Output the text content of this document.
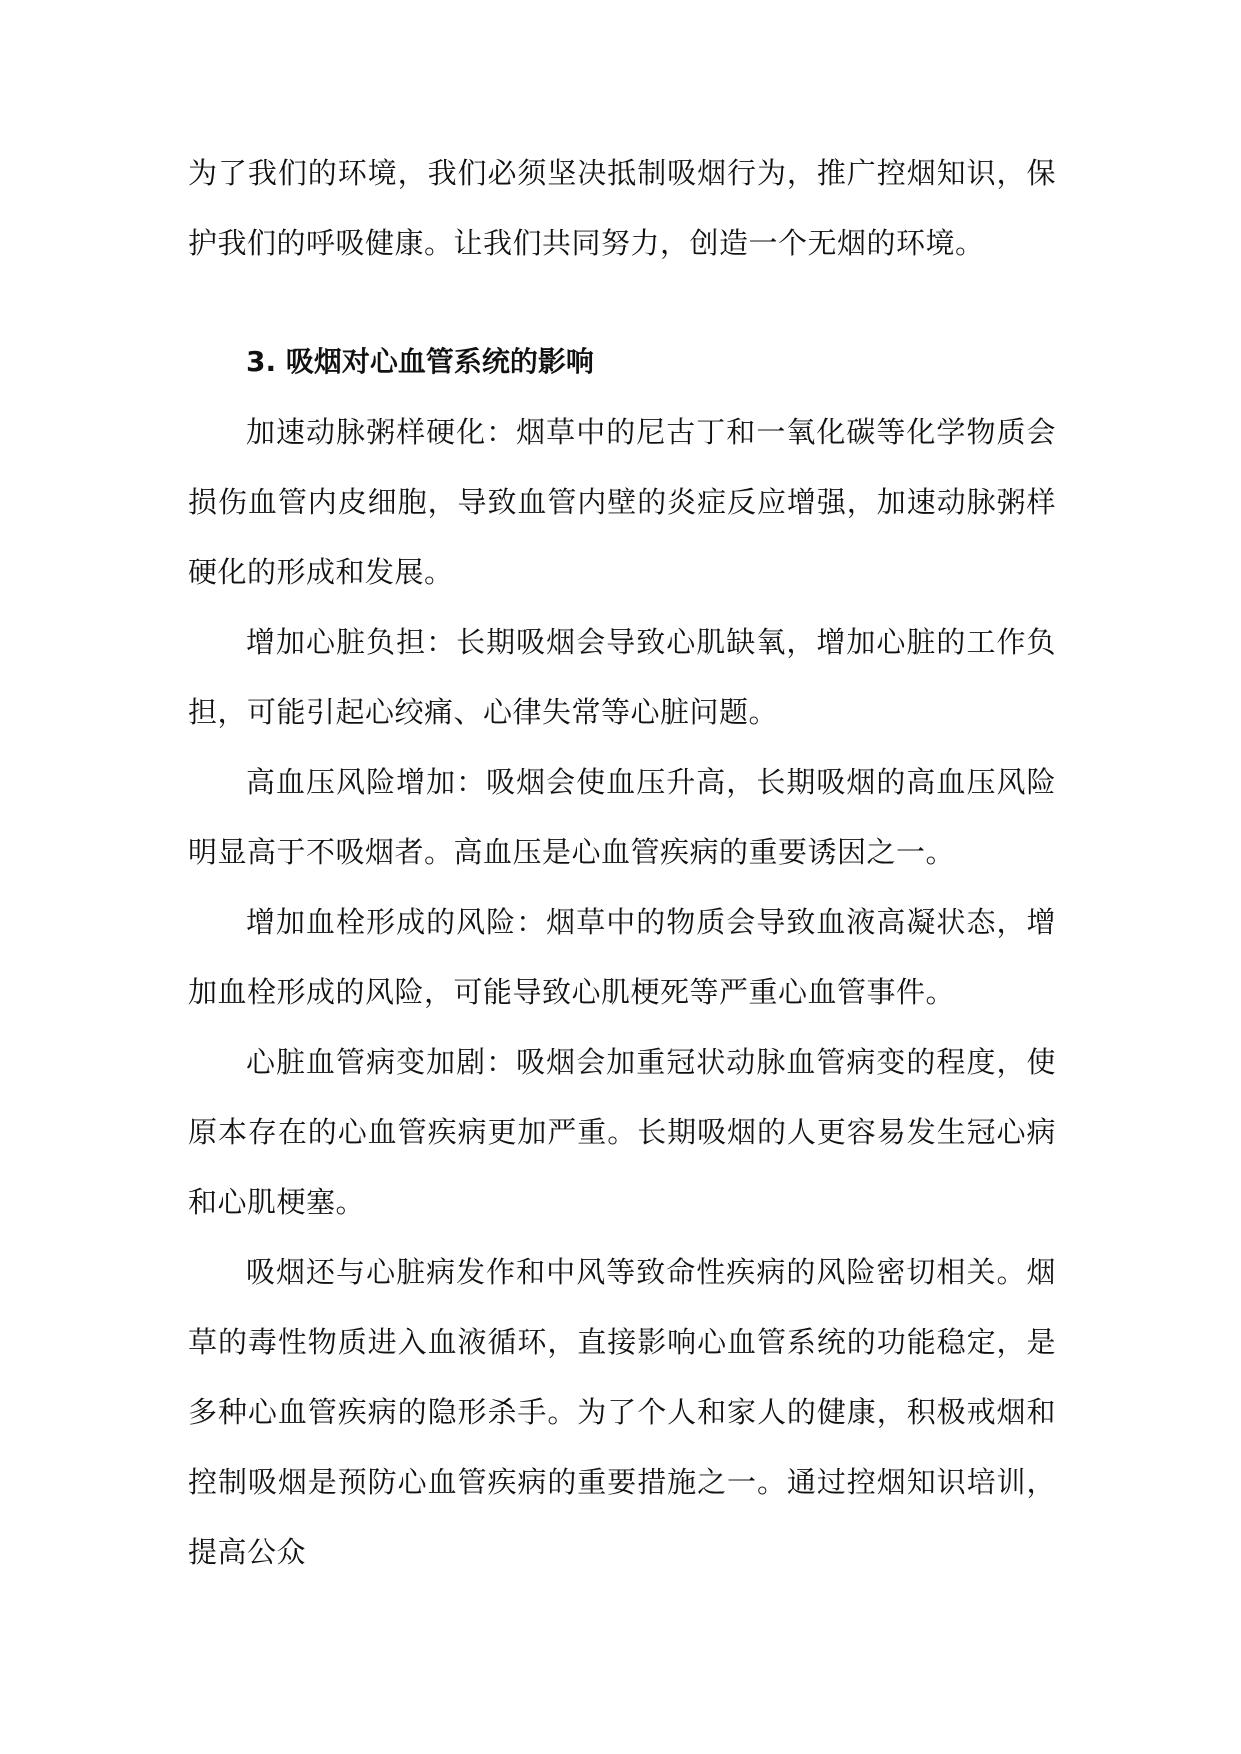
为了我们的环境，我们必须坚决抵制吸烟行为，推广控烟知识，保护我们的呼吸健康。让我们共同努力，创造一个无烟的环境。

3. 吸烟对心血管系统的影响

加速动脉粥样硬化：烟草中的尼古丁和一氧化碳等化学物质会损伤血管内皮细胞，导致血管内壁的炎症反应增强，加速动脉粥样硬化的形成和发展。

增加心脏负担：长期吸烟会导致心肌缺氧，增加心脏的工作负担，可能引起心绞痛、心律失常等心脏问题。

高血压风险增加：吸烟会使血压升高，长期吸烟的高血压风险明显高于不吸烟者。高血压是心血管疾病的重要诱因之一。

增加血栓形成的风险：烟草中的物质会导致血液高凝状态，增加血栓形成的风险，可能导致心肌梗死等严重心血管事件。

心脏血管病变加剧：吸烟会加重冠状动脉血管病变的程度，使原本存在的心血管疾病更加严重。长期吸烟的人更容易发生冠心病和心肌梗塞。

吸烟还与心脏病发作和中风等致命性疾病的风险密切相关。烟草的毒性物质进入血液循环，直接影响心血管系统的功能稳定，是多种心血管疾病的隐形杀手。为了个人和家人的健康，积极戒烟和控制吸烟是预防心血管疾病的重要措施之一。通过控烟知识培训，提高公众
